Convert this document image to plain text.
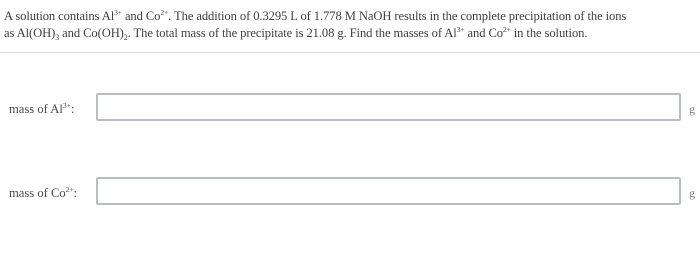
A solution contains $Al^{3+}$ and $Co^{2+}$. The addition of 0.3295 L of 1.778 M NaOH results in the complete precipitation of the ions
as $Al(OH)_3$ and $Co(OH)_2$. The total mass of the precipitate is 21.08 g. Find the masses of $Al^{3+}$ and $Co^{2+}$ in the solution.
mass of $Al^{3+}$:	g
mass of $Co^{2+}$:	g
